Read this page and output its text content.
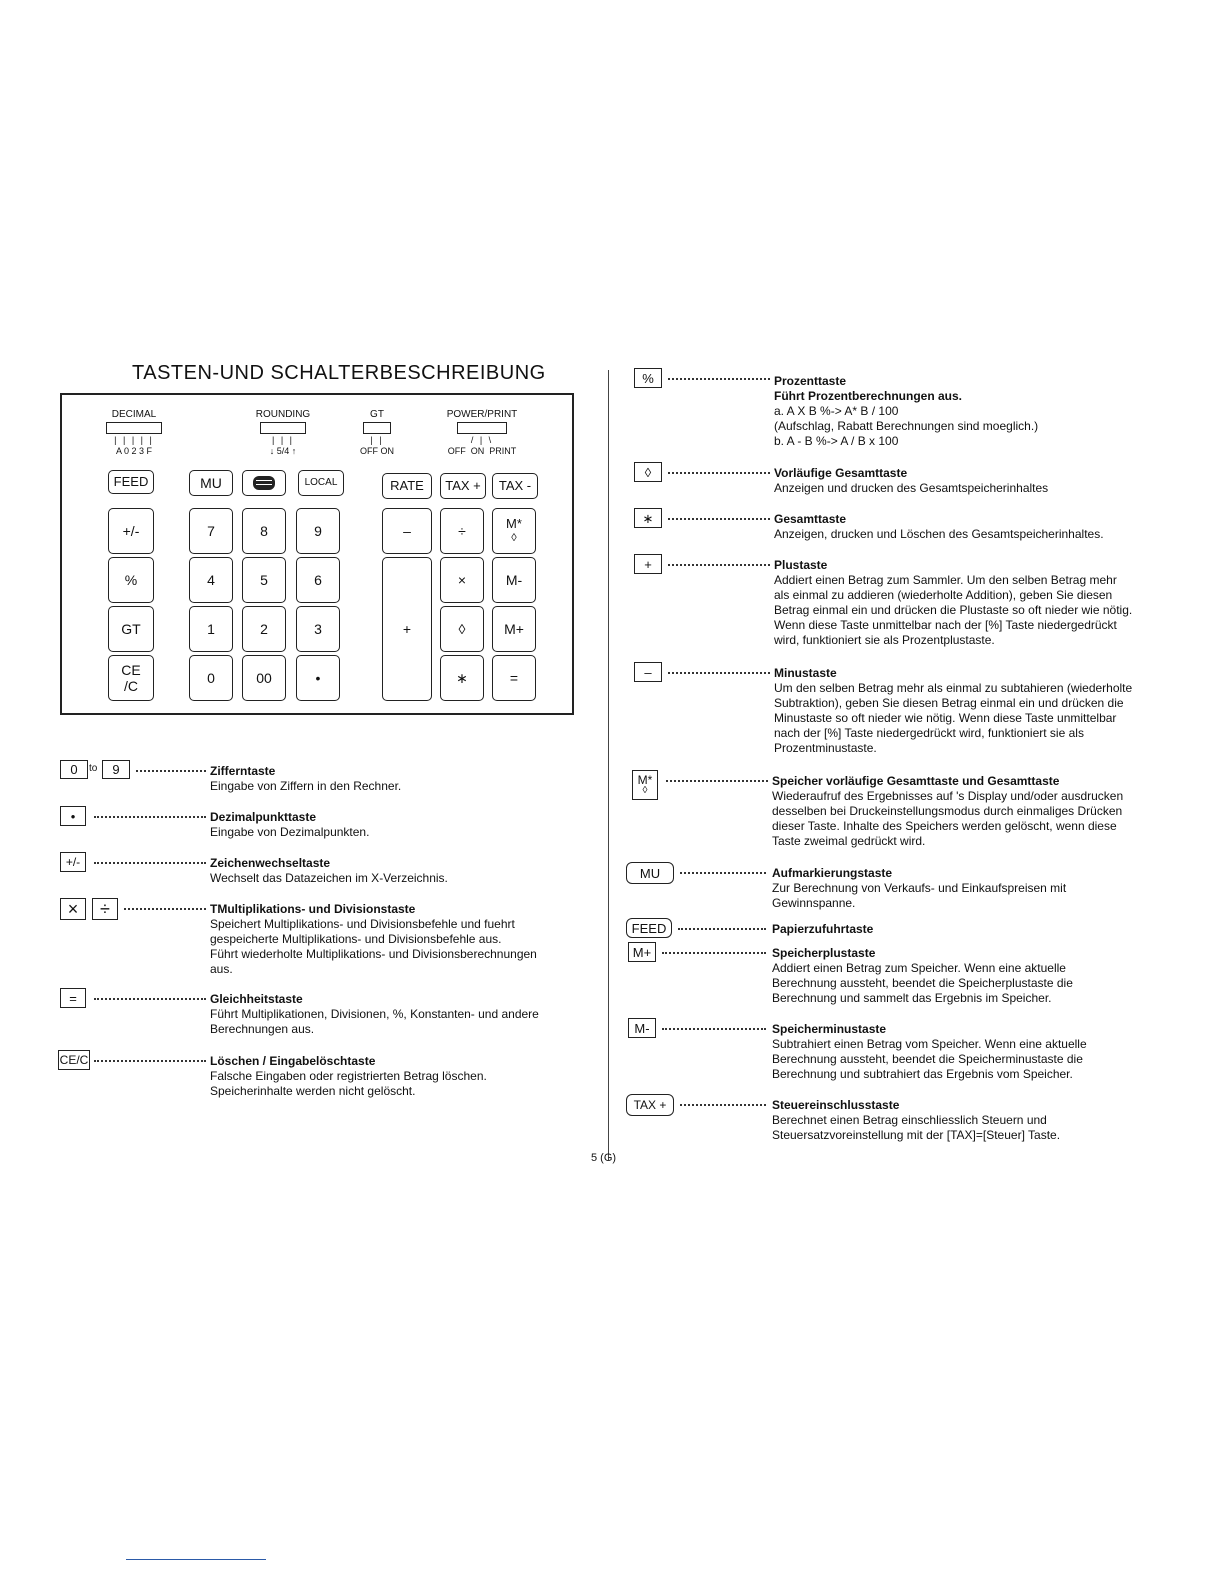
TASTEN-UND SCHALTERBESCHREIBUNG
DECIMAL
| | | | |
A 0 2 3 F
ROUNDING
| | |
↓ 5/4 ↑
GT
| |
OFF ON
POWER/PRINT
/ | \
OFF ON PRINT
FEED	MU	LOCAL	RATE	TAX +	TAX -
+/-
%
GT
CE
/C
7	8	9
4	5	6
1	2	3
0	00	•
–
+
÷
×
◊
∗
M*
◊
M-
M+
=
0	to	9	Zifferntaste
Eingabe von Ziffern in den Rechner.
•	Dezimalpunkttaste
Eingabe von Dezimalpunkten.
+/-	Zeichenwechseltaste
Wechselt das Datazeichen im X-Verzeichnis.
×	÷	TMultiplikations- und Divisionstaste
Speichert Multiplikations- und Divisionsbefehle und fuehrt
gespeicherte Multiplikations- und Divisionsbefehle aus.
Führt wiederholte Multiplikations- und Divisionsberechnungen
aus.
=	Gleichheitstaste
Führt Multiplikationen, Divisionen, %, Konstanten- und andere
Berechnungen aus.
CE/C	Löschen / Eingabelöschtaste
Falsche Eingaben oder registrierten Betrag löschen.
Speicherinhalte werden nicht gelöscht.
%	Prozenttaste
Führt Prozentberechnungen aus.
a. A X B %-> A* B / 100
(Aufschlag, Rabatt Berechnungen sind moeglich.)
b. A - B %-> A / B x 100
◊	Vorläufige Gesamttaste
Anzeigen und drucken des Gesamtspeicherinhaltes
∗	Gesamttaste
Anzeigen, drucken und Löschen des Gesamtspeicherinhaltes.
+	Plustaste
Addiert einen Betrag zum Sammler. Um den selben Betrag mehr
als einmal zu addieren (wiederholte Addition), geben Sie diesen
Betrag einmal ein und drücken die Plustaste so oft nieder wie nötig.
Wenn diese Taste unmittelbar nach der [%] Taste niedergedrückt
wird, funktioniert sie als Prozentplustaste.
–	Minustaste
Um den selben Betrag mehr als einmal zu subtahieren (wiederholte
Subtraktion), geben Sie diesen Betrag einmal ein und drücken die
Minustaste so oft nieder wie nötig. Wenn diese Taste unmittelbar
nach der [%] Taste niedergedrückt wird, funktioniert sie als
Prozentminustaste.
M*
◊
Speicher vorläufige Gesamttaste und Gesamttaste
Wiederaufruf des Ergebnisses auf 's Display und/oder ausdrucken
desselben bei Druckeinstellungsmodus durch einmaliges Drücken
dieser Taste. Inhalte des Speichers werden gelöscht, wenn diese
Taste zweimal gedrückt wird.
MU	Aufmarkierungstaste
Zur Berechnung von Verkaufs- und Einkaufspreisen mit
Gewinnspanne.
FEED	Papierzufuhrtaste
M+	Speicherplustaste
Addiert einen Betrag zum Speicher. Wenn eine aktuelle
Berechnung aussteht, beendet die Speicherplustaste die
Berechnung und sammelt das Ergebnis im Speicher.
M-	Speicherminustaste
Subtrahiert einen Betrag vom Speicher. Wenn eine aktuelle
Berechnung aussteht, beendet die Speicherminustaste die
Berechnung und subtrahiert das Ergebnis vom Speicher.
TAX +	Steuereinschlusstaste
Berechnet einen Betrag einschliesslich Steuern und
Steuersatzvoreinstellung mit der [TAX]=[Steuer] Taste.
5 (G)
